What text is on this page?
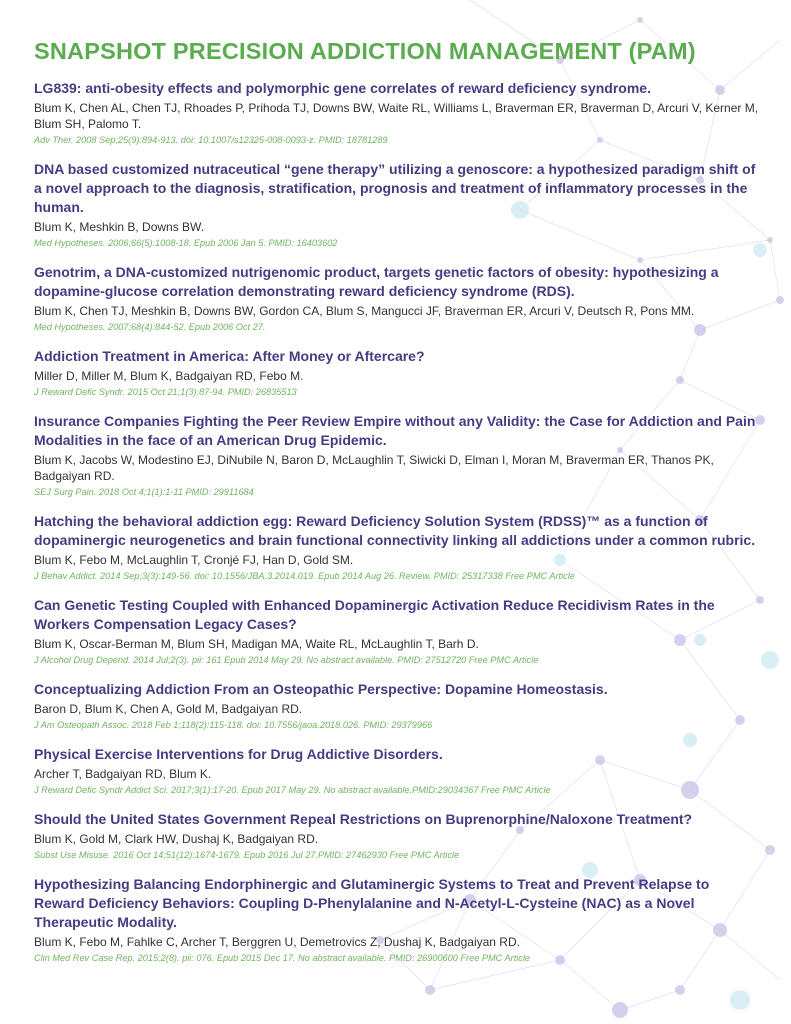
SNAPSHOT PRECISION ADDICTION MANAGEMENT (PAM)

LG839: anti-obesity effects and polymorphic gene correlates of reward deficiency syndrome.

Blum K, Chen AL, Chen TJ, Rhoades P, Prihoda TJ, Downs BW, Waite RL, Williams L, Braverman ER, Braverman D, Arcuri V, Kerner M, Blum SH, Palomo T.

Adv Ther. 2008 Sep;25(9):894-913. doi: 10.1007/s12325-008-0093-z. PMID: 18781289

DNA based customized nutraceutical “gene therapy” utilizing a genoscore: a hypothesized paradigm shift of a novel approach to the diagnosis, stratification, prognosis and treatment of inflammatory processes in the human.

Blum K, Meshkin B, Downs BW.

Med Hypotheses. 2006;66(5):1008-18. Epub 2006 Jan 5. PMID: 16403602

Genotrim, a DNA-customized nutrigenomic product, targets genetic factors of obesity: hypothesizing a dopamine-glucose correlation demonstrating reward deficiency syndrome (RDS).

Blum K, Chen TJ, Meshkin B, Downs BW, Gordon CA, Blum S, Mangucci JF, Braverman ER, Arcuri V, Deutsch R, Pons MM.

Med Hypotheses. 2007;68(4):844-52. Epub 2006 Oct 27.

Addiction Treatment in America: After Money or Aftercare?

Miller D, Miller M, Blum K, Badgaiyan RD, Febo M.

J Reward Defic Syndr. 2015 Oct 21;1(3):87-94. PMID: 26835513

Insurance Companies Fighting the Peer Review Empire without any Validity: the Case for Addiction and Pain Modalities in the face of an American Drug Epidemic.

Blum K, Jacobs W, Modestino EJ, DiNubile N, Baron D, McLaughlin T, Siwicki D, Elman I, Moran M, Braverman ER, Thanos PK, Badgaiyan RD.

SEJ Surg Pain. 2018 Oct 4;1(1):1-11 PMID: 29911684

Hatching the behavioral addiction egg: Reward Deficiency Solution System (RDSS)™ as a function of dopaminergic neurogenetics and brain functional connectivity linking all addictions under a common rubric.

Blum K, Febo M, McLaughlin T, Cronjé FJ, Han D, Gold SM.

J Behav Addict. 2014 Sep;3(3):149-56. doi: 10.1556/JBA.3.2014.019. Epub 2014 Aug 26. Review. PMID: 25317338 Free PMC Article

Can Genetic Testing Coupled with Enhanced Dopaminergic Activation Reduce Recidivism Rates in the Workers Compensation Legacy Cases?

Blum K, Oscar-Berman M, Blum SH, Madigan MA, Waite RL, McLaughlin T, Barh D.

J Alcohol Drug Depend. 2014 Jul;2(3). pii: 161 Epub 2014 May 29. No abstract available. PMID: 27512720 Free PMC Article

Conceptualizing Addiction From an Osteopathic Perspective: Dopamine Homeostasis.

Baron D, Blum K, Chen A, Gold M, Badgaiyan RD.

J Am Osteopath Assoc. 2018 Feb 1;118(2):115-118. doi: 10.7556/jaoa.2018.026. PMID: 29379966

Physical Exercise Interventions for Drug Addictive Disorders.

Archer T, Badgaiyan RD, Blum K.

J Reward Defic Syndr Addict Sci. 2017;3(1):17-20. Epub 2017 May 29. No abstract available.PMID:29034367 Free PMC Article

Should the United States Government Repeal Restrictions on Buprenorphine/Naloxone Treatment?

Blum K, Gold M, Clark HW, Dushaj K, Badgaiyan RD.

Subst Use Misuse. 2016 Oct 14;51(12):1674-1679. Epub 2016 Jul 27.PMID: 27462930 Free PMC Article

Hypothesizing Balancing Endorphinergic and Glutaminergic Systems to Treat and Prevent Relapse to Reward Deficiency Behaviors: Coupling D-Phenylalanine and N-Acetyl-L-Cysteine (NAC) as a Novel Therapeutic Modality.

Blum K, Febo M, Fahlke C, Archer T, Berggren U, Demetrovics Z, Dushaj K, Badgaiyan RD.

Clin Med Rev Case Rep. 2015;2(8). pii: 076. Epub 2015 Dec 17. No abstract available. PMID: 26900600 Free PMC Article
